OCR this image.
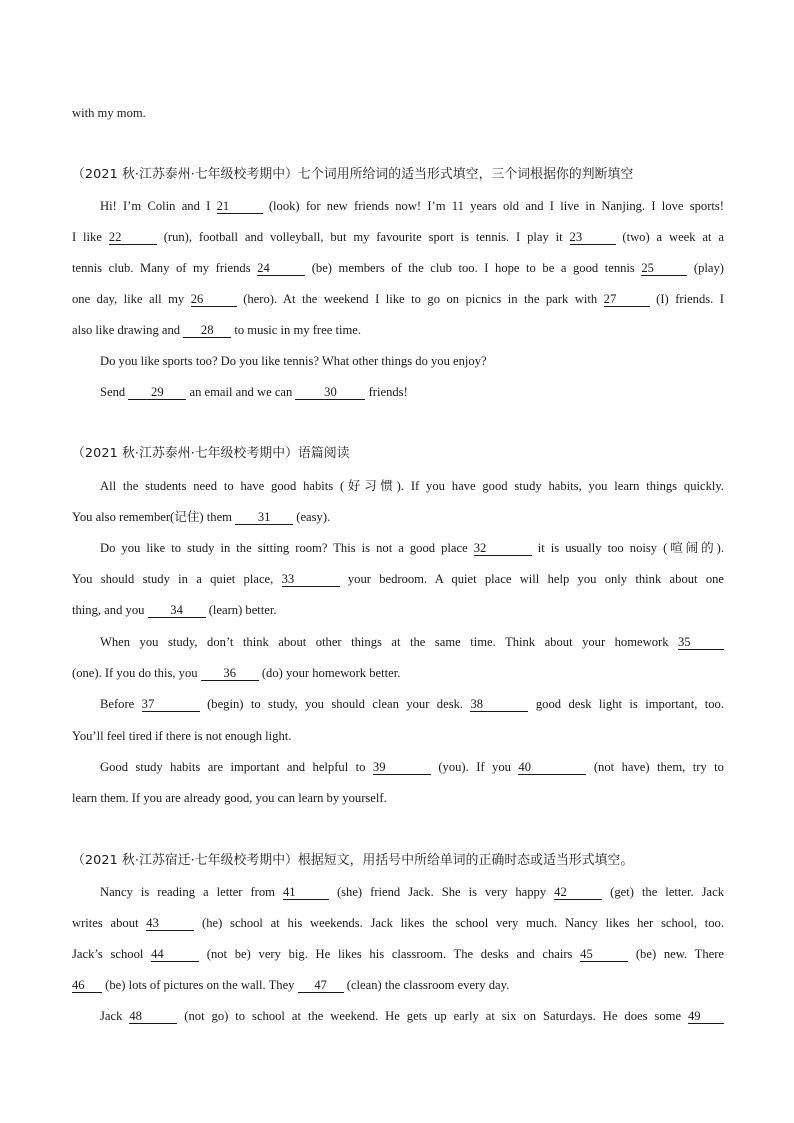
with my mom.
（2021 秋·江苏泰州·七年级校考期中）七个词用所给词的适当形式填空，三个词根据你的判断填空
Hi! I’m Colin and I 21	(look) for new friends now! I’m 11 years old and I live in Nanjing. I love sports!
I like 22	(run), football and volleyball, but my favourite sport is tennis. I play it 23	(two) a week at a
tennis club. Many of my friends 24	(be) members of the club too. I hope to be a good tennis 25	(play)
one day, like all my 26	(hero). At the weekend I like to go on picnics in the park with 27	(I) friends. I
also like drawing and 28 to music in my free time.
Do you like sports too? Do you like tennis? What other things do you enjoy?
Send 29 an email and we can 30 friends!
（2021 秋·江苏泰州·七年级校考期中）语篇阅读
All the students need to have good habits (好习惯). If you have good study habits, you learn things quickly.
You also remember(记住) them 31 (easy).
Do you like to study in the sitting room? This is not a good place 32	it is usually too noisy (喧闹的).
You should study in a quiet place, 33	your bedroom. A quiet place will help you only think about one
thing, and you 34 (learn) better.
When you study, don’t think about other things at the same time. Think about your homework 35
(one). If you do this, you 36 (do) your homework better.
Before 37	(begin) to study, you should clean your desk. 38	good desk light is important, too.
You’ll feel tired if there is not enough light.
Good study habits are important and helpful to 39	(you). If you 40	(not have) them, try to
learn them. If you are already good, you can learn by yourself.
（2021 秋·江苏宿迁·七年级校考期中）根据短文，用括号中所给单词的正确时态或适当形式填空。
Nancy is reading a letter from 41	(she) friend Jack. She is very happy 42	(get) the letter. Jack
writes about 43	(he) school at his weekends. Jack likes the school very much. Nancy likes her school, too.
Jack’s school 44	(not be) very big. He likes his classroom. The desks and chairs 45	(be) new. There
46 (be) lots of pictures on the wall. They 47 (clean) the classroom every day.
Jack 48	(not go) to school at the weekend. He gets up early at six on Saturdays. He does some 49
